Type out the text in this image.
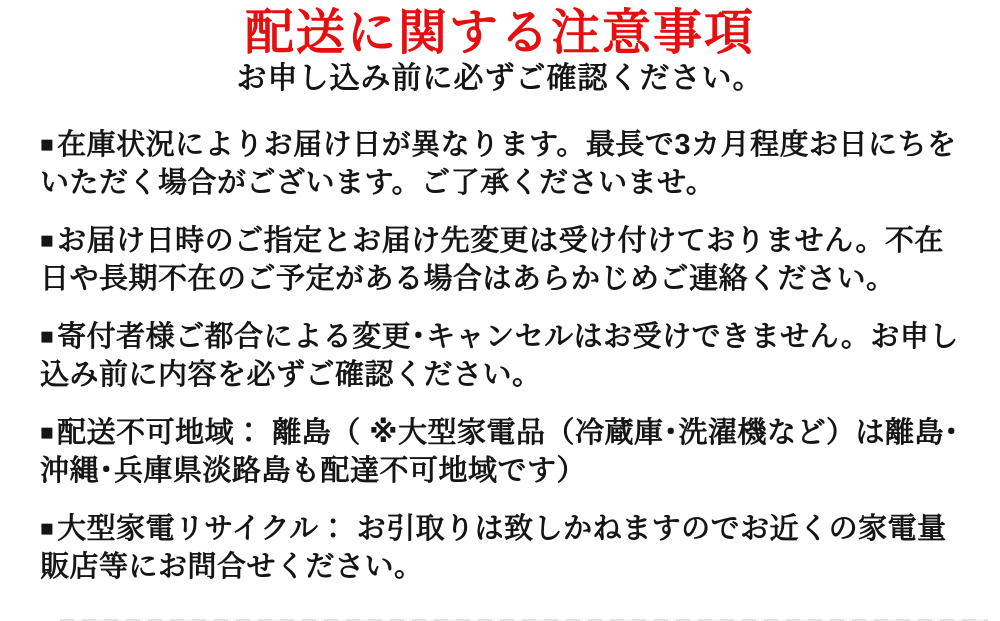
配送に関する注意事項

お申し込み前に必ずご確認ください。

■ 在庫状況によりお届け日が異なります。最長で3カ月程度お日にちをいただく場合がございます。ご了承くださいませ。

■ お届け日時のご指定とお届け先変更は受け付けておりません。不在日や長期不在のご予定がある場合はあらかじめご連絡ください。

■ 寄付者様ご都合による変更･キャンセルはお受けできません。お申し込み前に内容を必ずご確認ください。

■ 配送不可地域： 離島（ ※大型家電品（冷蔵庫･洗濯機など）は離島･沖縄･兵庫県淡路島も配達不可地域です）

■ 大型家電リサイクル： お引取りは致しかねますのでお近くの家電量販店等にお問合せください。
